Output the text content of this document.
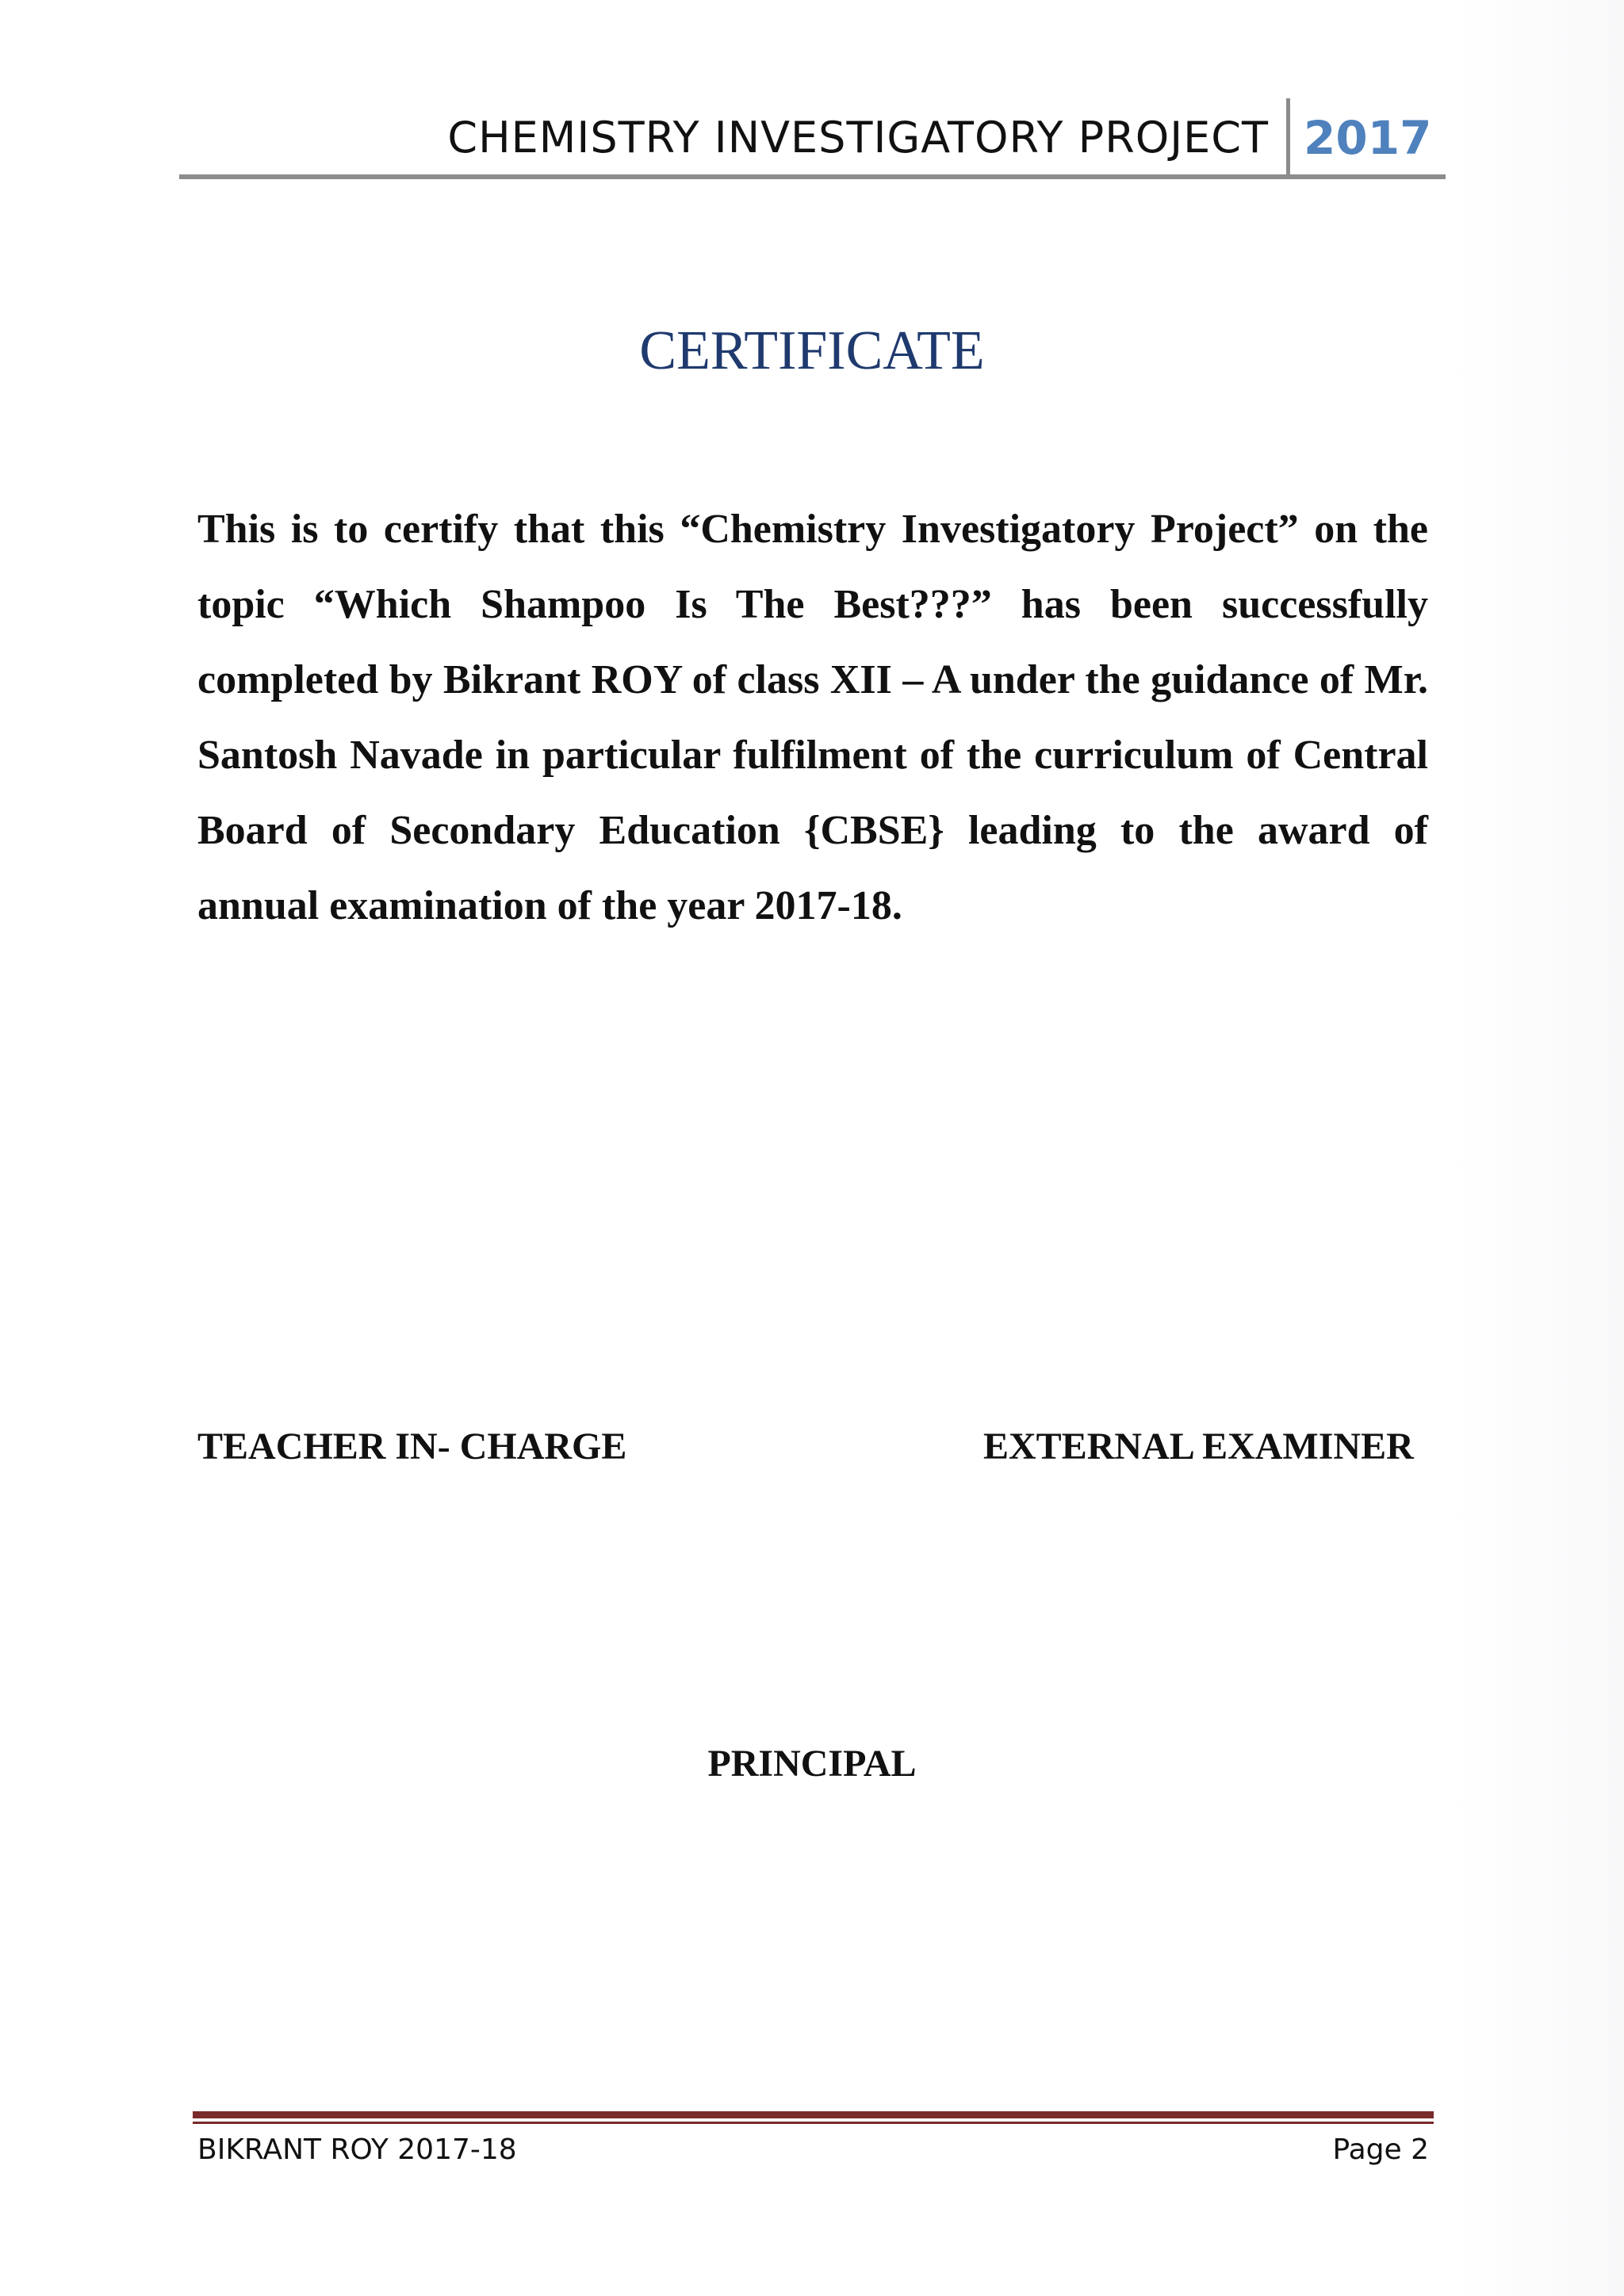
CHEMISTRY INVESTIGATORY PROJECT 2017
CERTIFICATE

This is to certify that this “Chemistry Investigatory Project” on the topic “Which Shampoo Is The Best???” has been successfully completed by Bikrant ROY of class XII – A under the guidance of Mr. Santosh Navade in particular fulfilment of the curriculum of Central Board of Secondary Education {CBSE} leading to the award of annual examination of the year 2017-18.

TEACHER IN- CHARGE	EXTERNAL EXAMINER
PRINCIPAL
BIKRANT ROY 2017-18	Page 2
